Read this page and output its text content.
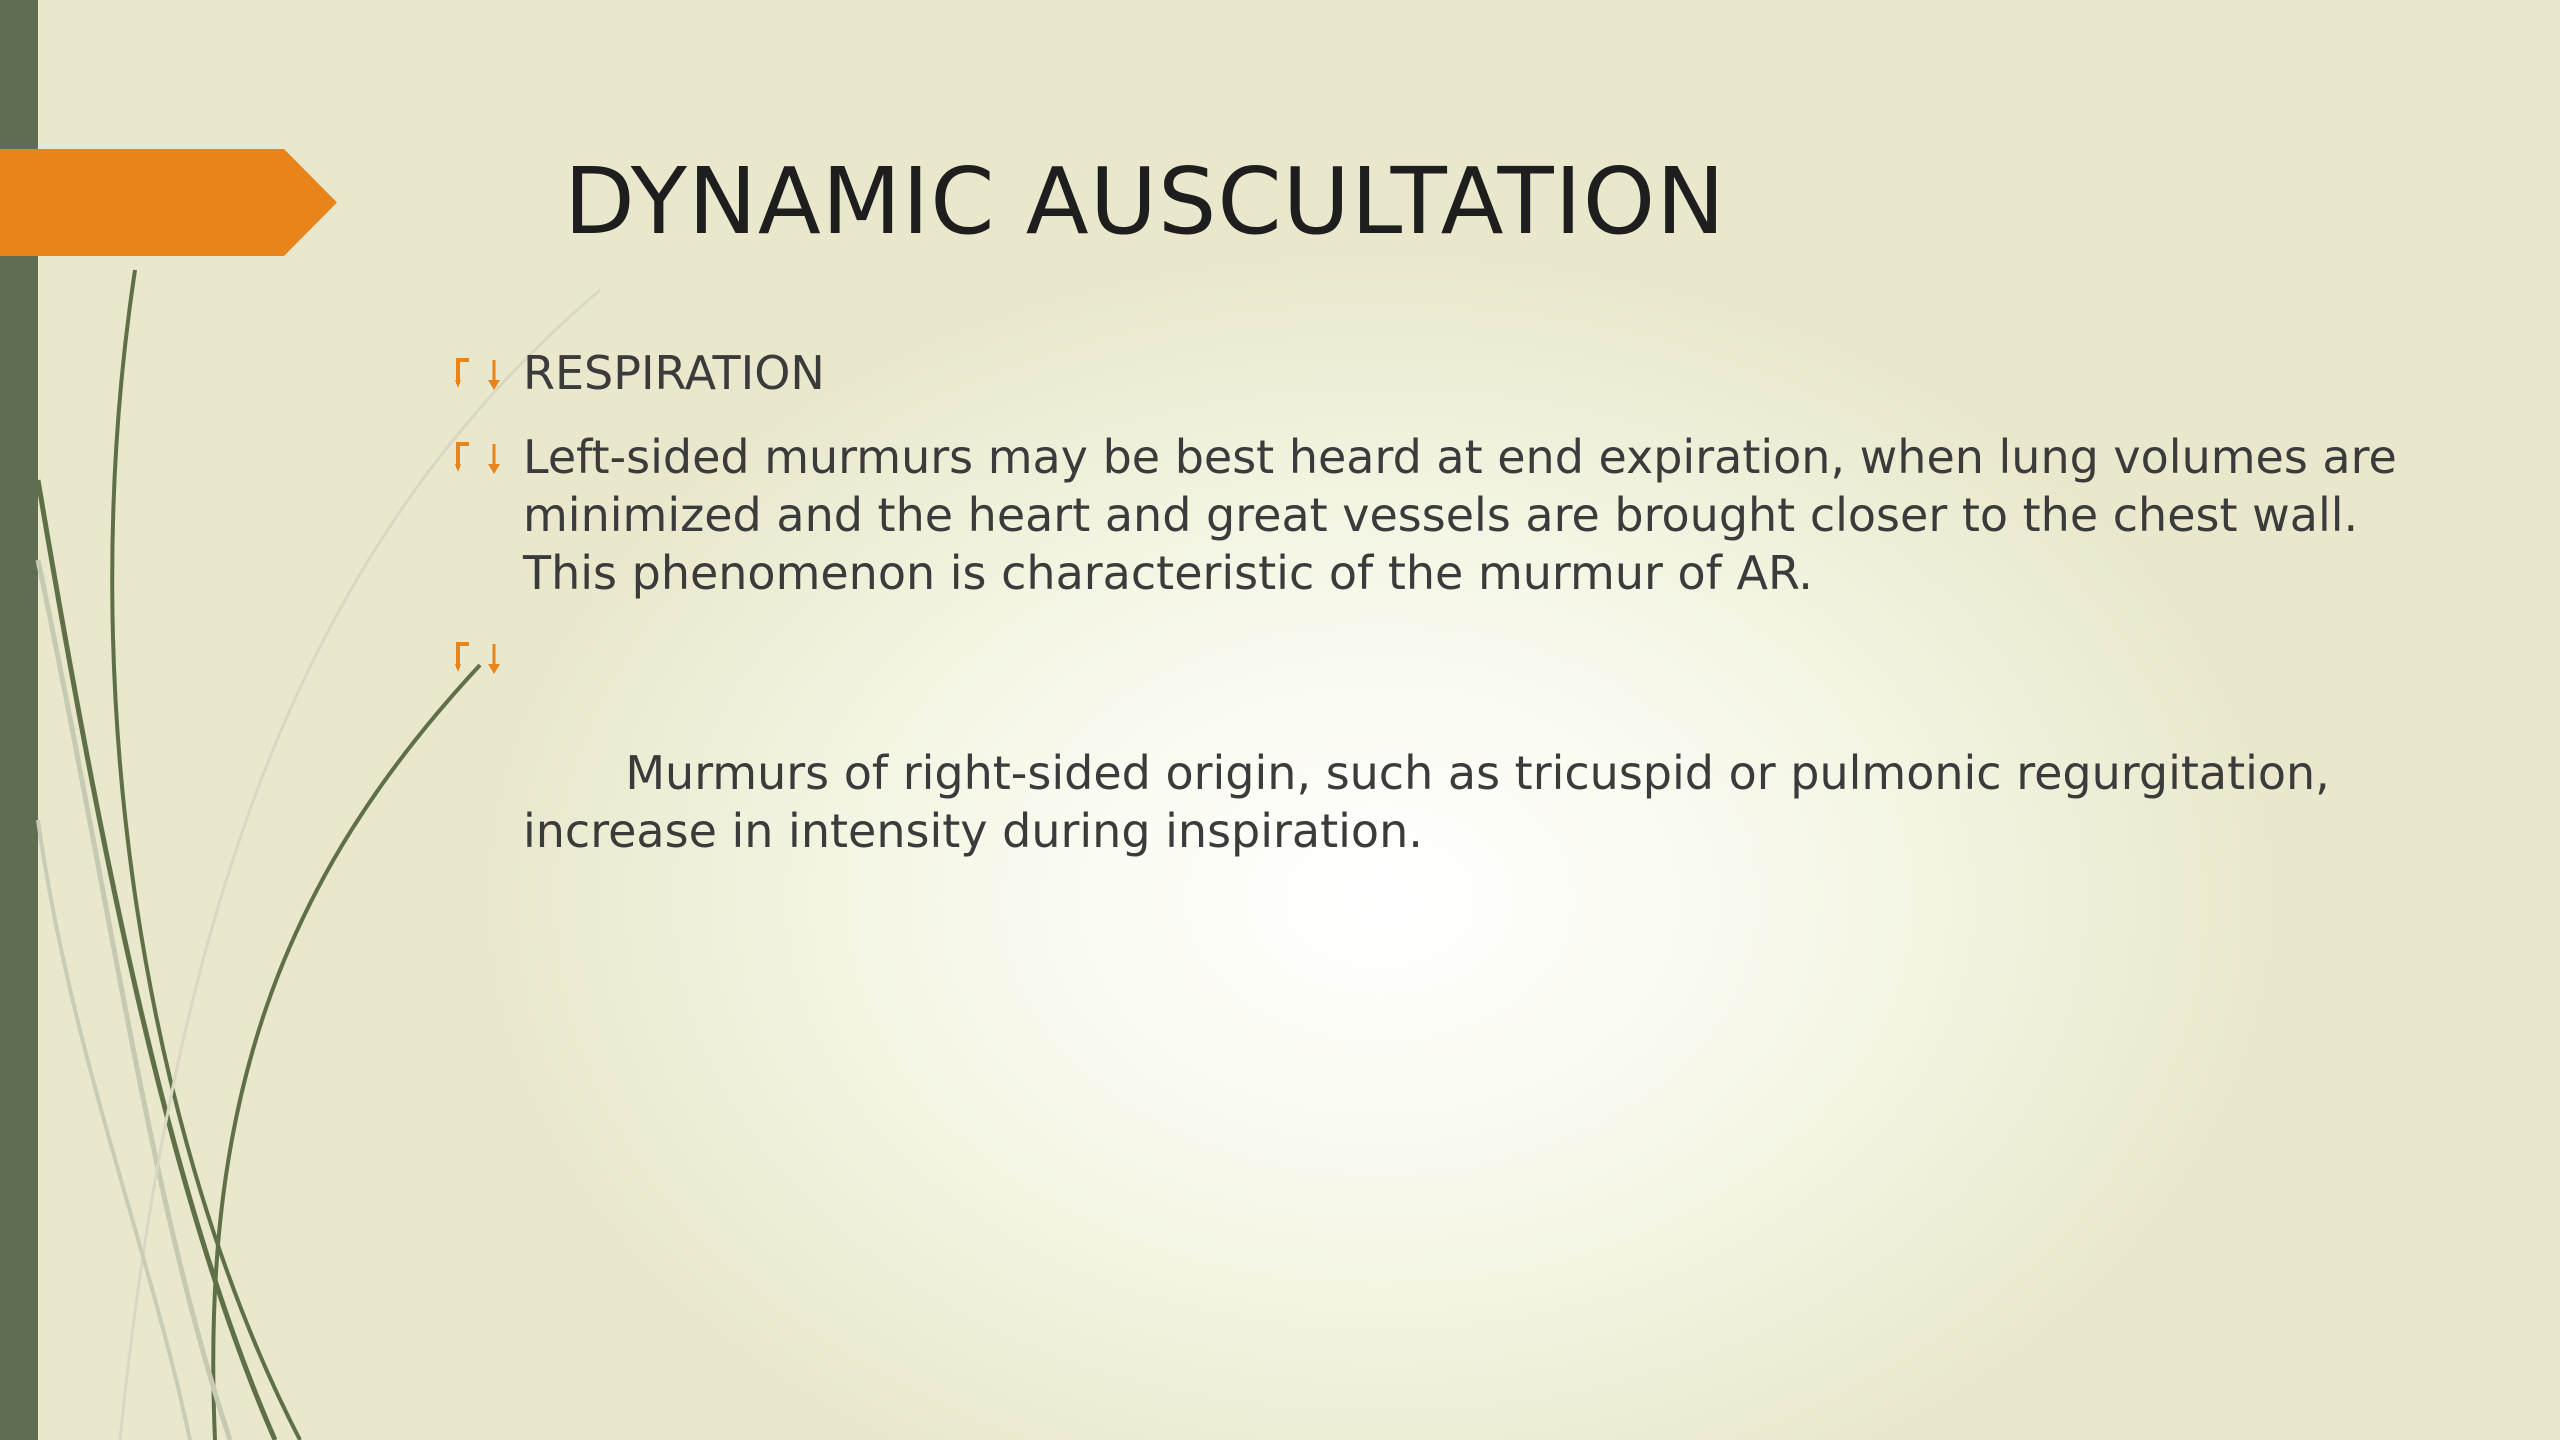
DYNAMIC AUSCULTATION
RESPIRATION
Left-sided murmurs may be best heard at end expiration, when lung volumes are minimized and the heart and great vessels are brought closer to the chest wall. This phenomenon is characteristic of the murmur of AR.

Murmurs of right-sided origin, such as tricuspid or pulmonic regurgitation, increase in intensity during inspiration.
